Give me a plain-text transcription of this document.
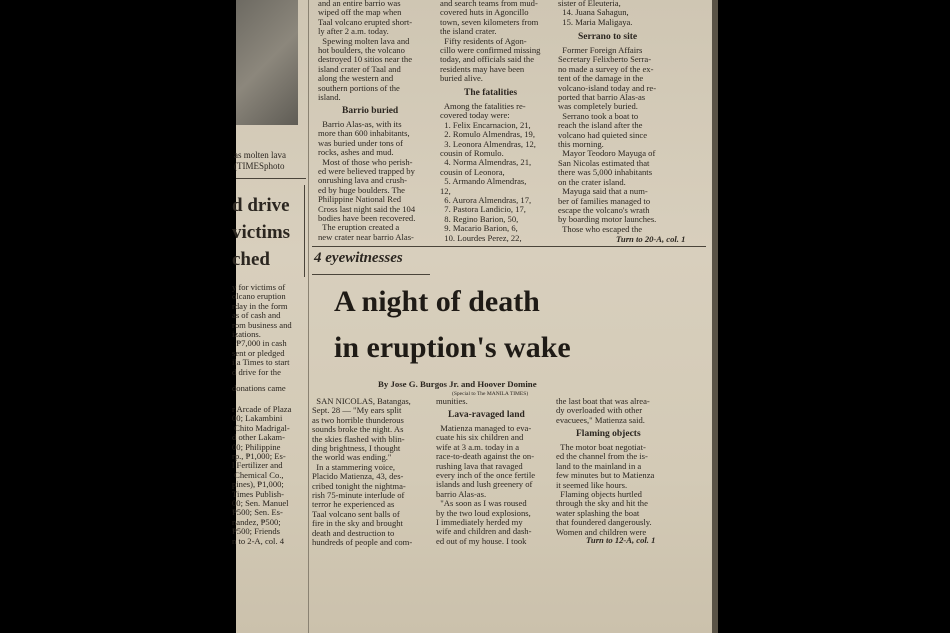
as molten lava
(TIMESphoto
d drive
victims
ched
y for victims of
olcano eruption
rday in the form
as of cash and
rom business and
izations.
₱7,000 in cash
sent or pledged
ila Times to start
d drive for the
donations came
r Arcade of Plaza
00; Lakambini
Chito Madrigal-
d other Lakam-
00; Philippine
rp., ₱1,000; Es-
l Fertilizer and
Chemical Co.,
pines), ₱1,000;
Times Publish-
00; Sen. Manuel
₱500; Sen. Es-
nandez, ₱500;
₱500; Friends
n to 2-A, col. 4
and an entire barrio was
wiped off the map when
Taal volcano erupted short-
ly after 2 a.m. today.
Spewing molten lava and
hot boulders, the volcano
destroyed 10 sitios near the
island crater of Taal and
along the western and
southern portions of the
island.
Barrio buried
Barrio Alas-as, with its
more than 600 inhabitants,
was buried under tons of
rocks, ashes and mud.
Most of those who perish-
ed were believed trapped by
onrushing lava and crush-
ed by huge boulders. The
Philippine National Red
Cross last night said the 104
bodies have been recovered.
The eruption created a
new crater near barrio Alas-
and search teams from mud-
covered huts in Agoncillo
town, seven kilometers from
the island crater.
Fifty residents of Agon-
cillo were confirmed missing
today, and officials said the
residents may have been
buried alive.
The fatalities
Among the fatalities re-
covered today were:
1. Felix Encarnacion, 21,
2. Romulo Almendras, 19,
3. Leonora Almendras, 12,
cousin of Romulo.
4. Norma Almendras, 21,
cousin of Leonora,
5. Armando Almendras,
12,
6. Aurora Almendras, 17,
7. Pastora Landicio, 17,
8. Regino Barion, 50,
9. Macario Barion, 6,
10. Lourdes Perez, 22,
sister of Eleuteria,
14. Juana Sahagun,
15. Maria Maligaya.
Serrano to site
Former Foreign Affairs
Secretary Felixberto Serra-
no made a survey of the ex-
tent of the damage in the
volcano-island today and re-
ported that barrio Alas-as
was completely buried.
Serrano took a boat to
reach the island after the
volcano had quieted since
this morning.
Mayor Teodoro Mayuga of
San Nicolas estimated that
there was 5,000 inhabitants
on the crater island.
Mayuga said that a num-
ber of families managed to
escape the volcano's wrath
by boarding motor launches.
Those who escaped the
Turn to 20-A, col. 1
4 eyewitnesses
A night of death
in eruption's wake
By Jose G. Burgos Jr. and Hoover Domine
(Special to The MANILA TIMES)
SAN NICOLAS, Batangas,
Sept. 28 — "My ears split
as two horrible thunderous
sounds broke the night. As
the skies flashed with blin-
ding brightness, I thought
the world was ending."
In a stammering voice,
Placido Matienza, 43, des-
cribed tonight the nightma-
rish 75-minute interlude of
terror he experienced as
Taal volcano sent balls of
fire in the sky and brought
death and destruction to
hundreds of people and com-
munities.
Lava-ravaged land
Matienza managed to eva-
cuate his six children and
wife at 3 a.m. today in a
race-to-death against the on-
rushing lava that ravaged
every inch of the once fertile
islands and lush greenery of
barrio Alas-as.
"As soon as I was roused
by the two loud explosions,
I immediately herded my
wife and children and dash-
ed out of my house. I took
the last boat that was alrea-
dy overloaded with other
evacuees," Matienza said.
Flaming objects
The motor boat negotiat-
ed the channel from the is-
land to the mainland in a
few minutes but to Matienza
it seemed like hours.
Flaming objects hurtled
through the sky and hit the
water splashing the boat
that foundered dangerously.
Women and children were
Turn to 12-A, col. 1
